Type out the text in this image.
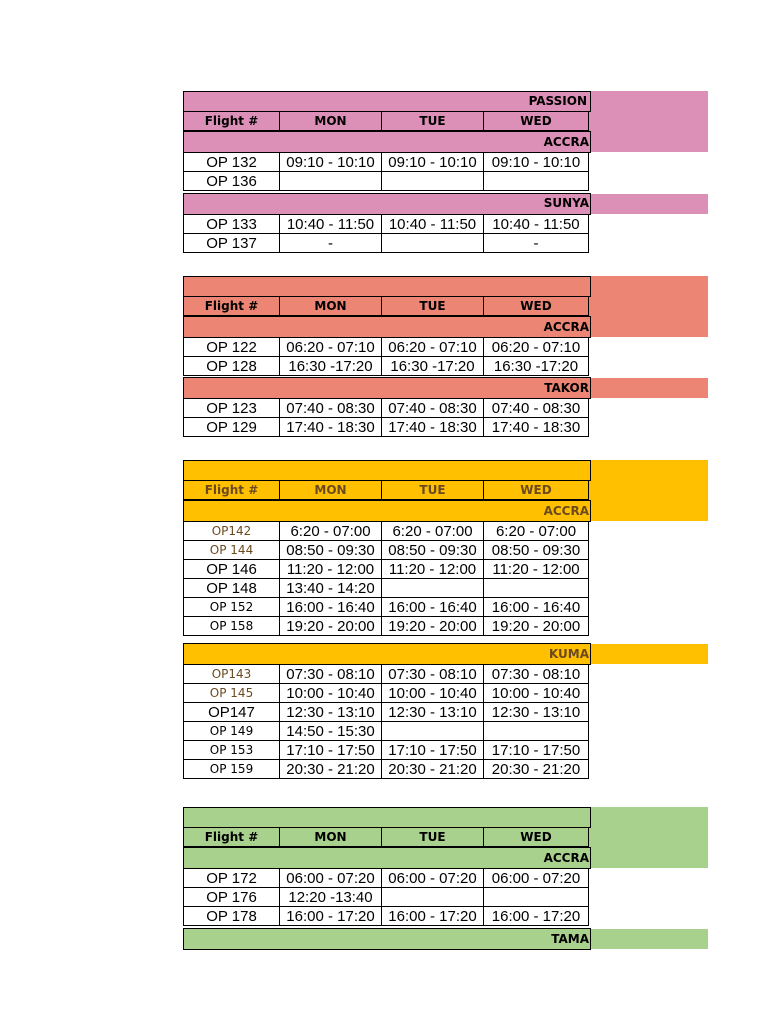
PASSION
Flight #	MON	TUE	WED
ACCRA
OP 132	09:10 - 10:10	09:10 - 10:10	09:10 - 10:10
OP 136			
SUNYA
OP 133	10:40 - 11:50	10:40 - 11:50	10:40 - 11:50
OP 137	-		-
Flight #	MON	TUE	WED
ACCRA
OP 122	06:20 - 07:10	06:20 - 07:10	06:20 - 07:10
OP 128	16:30 -17:20	16:30 -17:20	16:30 -17:20
TAKOR
OP 123	07:40 - 08:30	07:40 - 08:30	07:40 - 08:30
OP 129	17:40 - 18:30	17:40 - 18:30	17:40 - 18:30
Flight #	MON	TUE	WED
ACCRA
OP142	6:20 - 07:00	6:20 - 07:00	6:20 - 07:00
OP 144	08:50 - 09:30	08:50 - 09:30	08:50 - 09:30
OP 146	11:20 - 12:00	11:20 - 12:00	11:20 - 12:00
OP 148	13:40 - 14:20		
OP 152	16:00 - 16:40	16:00 - 16:40	16:00 - 16:40
OP 158	19:20 - 20:00	19:20 - 20:00	19:20 - 20:00
KUMA
OP143	07:30 - 08:10	07:30 - 08:10	07:30 - 08:10
OP 145	10:00 - 10:40	10:00 - 10:40	10:00 - 10:40
OP147	12:30 - 13:10	12:30 - 13:10	12:30 - 13:10
OP 149	14:50 - 15:30		
OP 153	17:10 - 17:50	17:10 - 17:50	17:10 - 17:50
OP 159	20:30 - 21:20	20:30 - 21:20	20:30 - 21:20
Flight #	MON	TUE	WED
ACCRA
OP 172	06:00 - 07:20	06:00 - 07:20	06:00 - 07:20
OP 176	12:20 -13:40		
OP 178	16:00 - 17:20	16:00 - 17:20	16:00 - 17:20
TAMA
